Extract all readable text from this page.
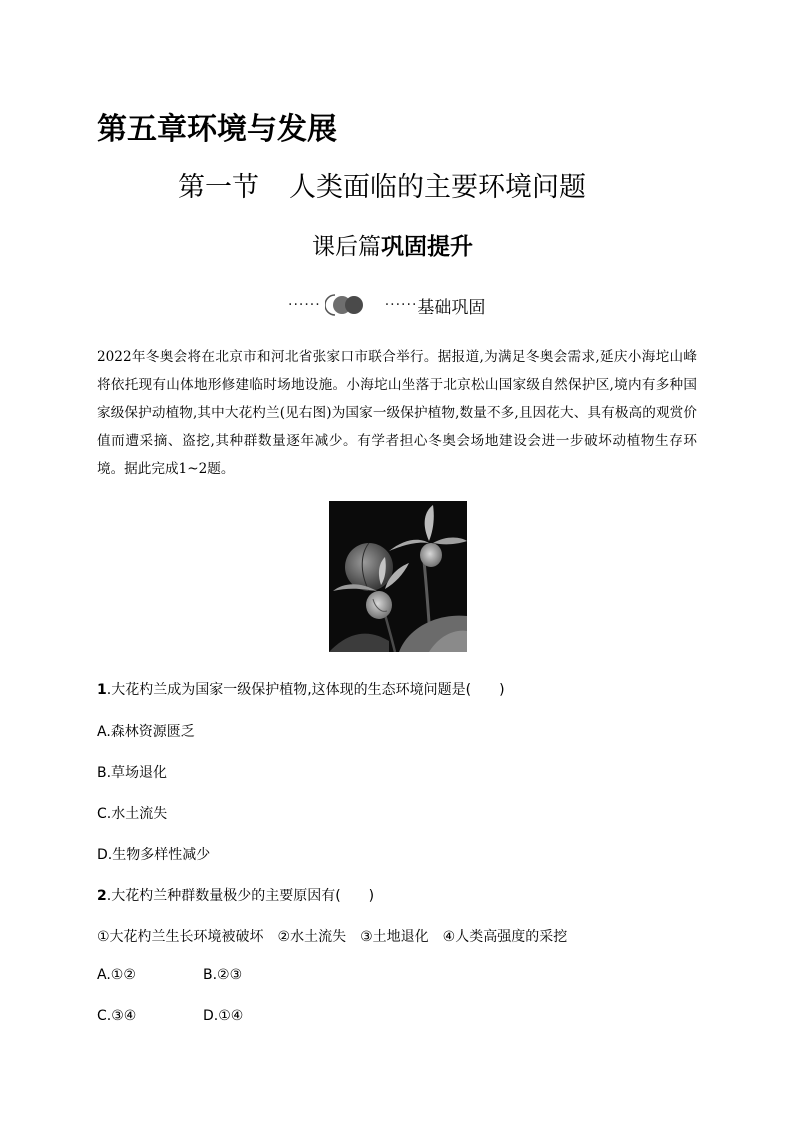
第五章环境与发展
第一节 人类面临的主要环境问题
课后篇巩固提升
······	······ 基础巩固
2022年冬奥会将在北京市和河北省张家口市联合举行。据报道,为满足冬奥会需求,延庆小海坨山峰将依托现有山体地形修建临时场地设施。小海坨山坐落于北京松山国家级自然保护区,境内有多种国家级保护动植物,其中大花杓兰(见右图)为国家一级保护植物,数量不多,且因花大、具有极高的观赏价值而遭采摘、盗挖,其种群数量逐年减少。有学者担心冬奥会场地建设会进一步破坏动植物生存环境。据此完成1~2题。
1.大花杓兰成为国家一级保护植物,这体现的生态环境问题是(　　)
A.森林资源匮乏
B.草场退化
C.水土流失
D.生物多样性减少
2.大花杓兰种群数量极少的主要原因有(　　)
①大花杓兰生长环境被破坏　②水土流失　③土地退化　④人类高强度的采挖
A.①②	B.②③
C.③④	D.①④
